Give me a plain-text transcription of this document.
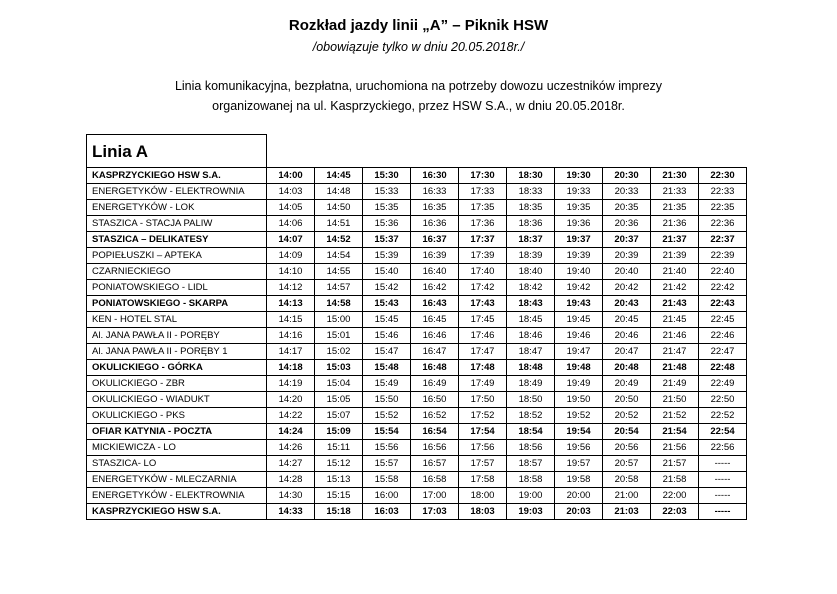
Rozkład jazdy linii „A” – Piknik HSW
/obowiązuje tylko w dniu 20.05.2018r./
Linia komunikacyjna, bezpłatna, uruchomiona na potrzeby dowozu uczestników imprezy
organizowanej na ul. Kasprzyckiego, przez HSW S.A., w dniu 20.05.2018r.
Linia A										
KASPRZYCKIEGO HSW S.A.	14:00	14:45	15:30	16:30	17:30	18:30	19:30	20:30	21:30	22:30
ENERGETYKÓW - ELEKTROWNIA	14:03	14:48	15:33	16:33	17:33	18:33	19:33	20:33	21:33	22:33
ENERGETYKÓW - LOK	14:05	14:50	15:35	16:35	17:35	18:35	19:35	20:35	21:35	22:35
STASZICA - STACJA PALIW	14:06	14:51	15:36	16:36	17:36	18:36	19:36	20:36	21:36	22:36
STASZICA – DELIKATESY	14:07	14:52	15:37	16:37	17:37	18:37	19:37	20:37	21:37	22:37
POPIEŁUSZKI – APTEKA	14:09	14:54	15:39	16:39	17:39	18:39	19:39	20:39	21:39	22:39
CZARNIECKIEGO	14:10	14:55	15:40	16:40	17:40	18:40	19:40	20:40	21:40	22:40
PONIATOWSKIEGO - LIDL	14:12	14:57	15:42	16:42	17:42	18:42	19:42	20:42	21:42	22:42
PONIATOWSKIEGO - SKARPA	14:13	14:58	15:43	16:43	17:43	18:43	19:43	20:43	21:43	22:43
KEN - HOTEL STAL	14:15	15:00	15:45	16:45	17:45	18:45	19:45	20:45	21:45	22:45
Al. JANA PAWŁA II - PORĘBY	14:16	15:01	15:46	16:46	17:46	18:46	19:46	20:46	21:46	22:46
Al. JANA PAWŁA II - PORĘBY 1	14:17	15:02	15:47	16:47	17:47	18:47	19:47	20:47	21:47	22:47
OKULICKIEGO - GÓRKA	14:18	15:03	15:48	16:48	17:48	18:48	19:48	20:48	21:48	22:48
OKULICKIEGO - ZBR	14:19	15:04	15:49	16:49	17:49	18:49	19:49	20:49	21:49	22:49
OKULICKIEGO - WIADUKT	14:20	15:05	15:50	16:50	17:50	18:50	19:50	20:50	21:50	22:50
OKULICKIEGO - PKS	14:22	15:07	15:52	16:52	17:52	18:52	19:52	20:52	21:52	22:52
OFIAR KATYNIA - POCZTA	14:24	15:09	15:54	16:54	17:54	18:54	19:54	20:54	21:54	22:54
MICKIEWICZA - LO	14:26	15:11	15:56	16:56	17:56	18:56	19:56	20:56	21:56	22:56
STASZICA- LO	14:27	15:12	15:57	16:57	17:57	18:57	19:57	20:57	21:57	-----
ENERGETYKÓW - MLECZARNIA	14:28	15:13	15:58	16:58	17:58	18:58	19:58	20:58	21:58	-----
ENERGETYKÓW - ELEKTROWNIA	14:30	15:15	16:00	17:00	18:00	19:00	20:00	21:00	22:00	-----
KASPRZYCKIEGO HSW S.A.	14:33	15:18	16:03	17:03	18:03	19:03	20:03	21:03	22:03	-----
